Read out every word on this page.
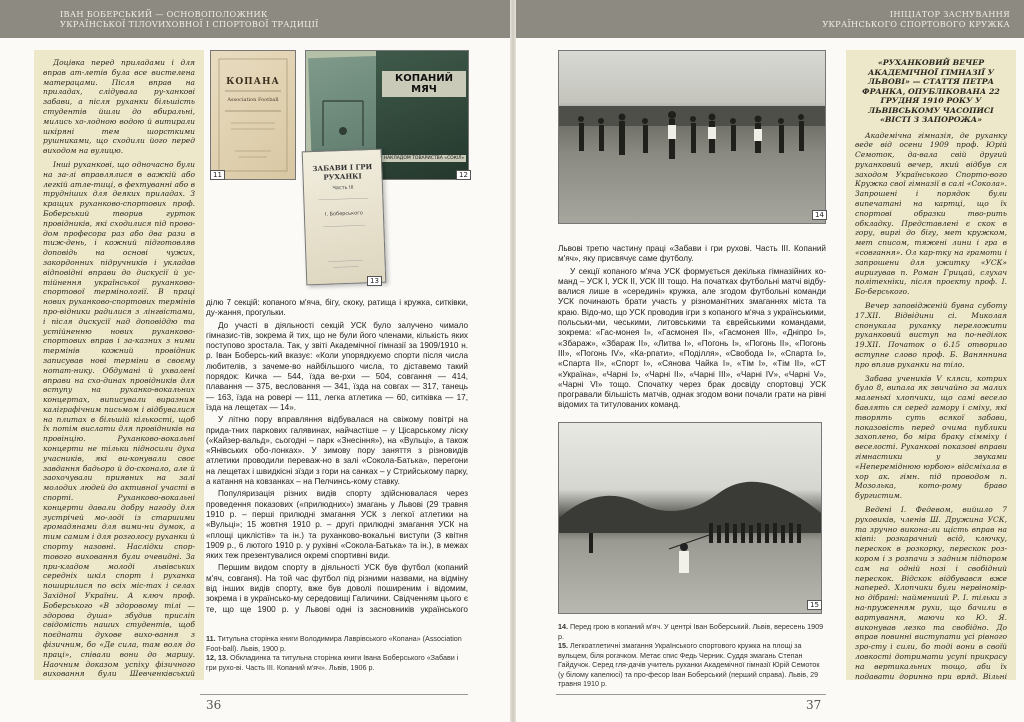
ІВАН БОБЕРСЬКИЙ — ОСНОВОПОЛОЖНИК
УКРАЇНСЬКОЇ ТІЛOVИХОВНОЇ І СПОРТОВОЇ ТРАДИЦІЇ
ІНІЦІАТОР ЗАСНУВАННЯ
УКРАЇНСЬКОГО СПОРТОВОГО КРУЖКА

Доцівка перед приладами і для вправ ат-летів була все вистелена матерацами. Після вправ на приладах, слідувала ру-ханкові забави, а після руханки більшість студентів йшли до вбиральні, мились хо-лодною водою й витирали шкіряні тем шорсткими рушниками, що сходили його перед виходом на вулицю.

Інші руханкові, що одночасно були на за-лі вправлялися в важкій або легкій атле-тиці, в фехтуванні або в трудніших для деяких приладах. З кращих руханково-спортових проф. Боберський творив гурток провідників, які сходилися під прово-дом професора раз або два рази в тиж-день, і кожний підготовляв доповідь на основі чужих, закордонних підручників і укладав відповідні вправи до дискусії й ус-тійнення української руханково-спортової термінології. В праці нових руханково-спортових термінів про-відники радилися з лінгвістами, і після дискусії над доповіддю та устійненню нових руханково-спортових вправ і за-казних з ними термінів кожний провідник записував нові терміни в своєму нотат-нику. Обдумані й ухвалені вправи на схо-динах провідників для вступу на руханко-вокальних концертах, виписували виразним каліграфічним письмом і відбувалися на плитах в більшій кількості, щоб їх потім вислати для провідників на провінцію. Руханково-вокальні концерти не тільки підносили духа учасників, які ви-конували своє завдання бадьоро й до-сконало, але й заохочували приявних на залі молодих людей до активної участі в спорті. Руханково-вокальні концерти давали добру нагоду для зустрічей мо-лоді із старшими громадянами для вими-ни думок, а тим самим і для розголосу руханки й спорту назовні. Наслідки спор-тового виховання були очевидні. За при-кладом молоді львівських середніх шкіл спорт і руханка поширилися по всіх міс-тах і селах Західної України. А ключ проф. Боберського «В здоровому тілі — здорова душа» збудив присліп свідомість наших студентів, щоб поєднати духове вихо-вання з фізичним, бо «Де сила, там воля до праці», співали вони до маршу. Наочним доказом успіху фізичного виховання були Шевченківський

КОПАНА
Association Football
11
КОПАНИЙ МЯЧ
НАКЛАДОМ ТОВАРИСТВА «СОКІЛ»
12
ЗАБАВИ І ГРИ РУХАНКІ
Часть III
І. Боберського
13

ділю 7 секцій: копаного м'яча, бігу, скоку, ратища і кружка, ситківки, ду-жання, прогульки.

До участі в діяльності секцій УСК було залучено чимало гімназис-тів, зокрема й тих, що не були його членами, кількість яких поступово зростала. Так, у звіті Академічної гімназії за 1909/1910 н. р. Іван Боберсь-кий вказує: «Коли упорядкуємо спорти після числа любителів, з зачеме-во найбільшого числа, то діставемо такий порядок: Кичка — 544, їзда ве-рхи — 504, совгання — 414, плавання — 375, весловання — 341, їзда на совгах — 317, танець — 163, їзда на ровері — 111, легка атлетика — 60, ситківка — 17, їзда на лещетах — 14».

У літню пору вправляння відбувалася на свіжому повітрі на прида-тних паркових галявинах, найчастіше – у Цісарському ліску («Кайзер-вальд», сьогодні – парк «Знесіння»), на «Вульці», а також «Янівських обо-лонках». У зимову пору заняття з різновидів атлетики проводили переваж-но в залі «Сокола-Батька», перегони на лещетах і швидкісні зїзди з гори на санках – у Стрийському парку, а катання на ковзанках – на Пелчинсь-кому ставку.

Популяризація різних видів спорту здійснювалася через проведення показових («прилюдних») змагань у Львові (29 травня 1910 р. – перші прилюдні змагання УСК з легкої атлетики на «Вульці»; 15 жовтня 1910 р. – другі прилюдні змагання УСК на «площі циклістів» та ін.) та руханково-вокальні виступи (3 квітня 1909 р., 6 лютого 1910 р. у рухівні «Сокола-Батька» та ін.), в межах яких теж презентувалися окремі спортивні види.

Першим видом спорту в діяльності УСК був футбол (копаний м'яч, совганя). На той час футбол під різними назвами, на відміну від інших видів спорту, вже був доволі поширеним і відомим, зокрема і в українсько-му середовищі Галичини. Свідченням цього є те, що ще 1900 р. у Львові одні із засновників українського

11. Титульна сторінка книги Володимира Лаврівського «Копана» (Association Foot-ball). Львів, 1900 р.
12, 13. Обкладинка та титульна сторінка книги Івана Боберського «Забави і гри рухо-ві. Часть III. Копаний м'яч». Львів, 1906 р.
36
14

Львові третю частину праці «Забави і гри рухові. Часть III. Копаний м'яч», яку присвячує саме футболу.

У секції копаного м'яча УСК формується декілька гімназійних ко-манд – УСК І, УСК ІІ, УСК ІІІ тощо. На початках футбольні матчі відбу-валися лише в «середині» кружка, але згодом футбольні команди УСК починають брати участь у різноманітних змаганнях міста та краю. Відо-мо, що УСК проводив ігри з копаного м'яча з українськими, польськи-ми, чеськими, литовськими та єврейськими командами, зокрема: «Гас-монея І», «Гасмонея ІІ», «Гасмонея ІІІ», «Дніпро І», «Збараж», «Збараж ІІ», «Литва І», «Погонь І», «Погонь ІІ», «Погонь ІІІ», «Погонь IV», «Ка-рпати», «Поділля», «Свобода І», «Спарта І», «Спарта ІІ», «Спорт І», «Сянова Чайка І», «Тім І», «Тім ІІ», «СТ «Україна», «Чарні І», «Чарні ІІ», «Чарні ІІІ», «Чарні IV», «Чарні V», «Чарні VI» тощо. Спочатку через брак досвіду спортовці УСК програвали більшість матчів, однак згодом вони почали грати на рівні відомих та титулованих команд.

15
14. Перед грою в копаний м'яч. У центрі Іван Боберський. Львів, вересень 1909 р.
15. Легкоатлетичні змагання Українського спортового кружка на площі за вульцем, біля рогачком. Метає спис Федь Черник. Суддя змагань Степан Гайдучок. Серед гля-дачів учитель руханки Академічної гімназії Юрій Семоток (у білому капелюсі) та про-фесор Іван Боберський (перший справа). Львів, 29 травня 1910 р.
37
«РУХАНКОВИЙ ВЕЧЕР АКАДЕМІЧНОЇ ГІМНАЗІЇ У ЛЬВОВІ» — СТАТТЯ ПЕТРА ФРАНКА, ОПУБЛІКОВАНА 22 ГРУДНЯ 1910 РОКУ У ЛЬВІВСЬКОМУ ЧАСОПИСІ «ВІСТІ З ЗАПОРОЖА»

Академічна гімназія, де руханку веде від осени 1909 проф. Юрій Семоток, да-вала свій другий руханковий вечер, який відбув ся заходом Українського Спорто-вого Кружка свої гімназії в салі «Сокола». Запрошені і порядок були випечатані на картці, що їх спортові образки тво-рить обкладку. Представлені є скок в гору, виргі до бігу, мет кружком, мет списом, тяжені лини і гра в «совгання». Ол кар-тку на грамоти і запрошени для ужитку «УСК» виригував п. Роман Грицай, слухач політехніки, після проєкту проф. І. Бо-берського.

Вечер заповідженій бувна суботу 17.XII. Відвідини сі. Миколая спонукала руханку переложити руханковий виступ на по-неділок 19.XII. Початок о 6.15 отворило вступне слово проф. Б. Ваняннина про вплив руханки на тіло.

Забава учеників V кляси, котрих було 8, випала як звичайно за малих маленькі хлопчики, що самі весело бавлять ся серед гамору і сміху, які творять суть всякої забави, показовість перед очима публики захоплено, бо міра браку сімміху і веселості. Руханкові показові вправи гімнастики у звуками «Непереміднюю юрбою» відсміхала в хор ак. гімн. під проводом п. Мозолька, кото-рому браво бургистим.

Ведені І. Федевом, вийшло 7 руховиків, членів Ш. Дружина УСК, та зручно викона-ли щість вправ на ківпі: розкарачний всід, ключку, перескок в розкорку, перескок роз-кором і з розпачи з задним підпором сам на одній нозі і свобідний перескок. Відскок відбувався вже наперед. Хлопчики були нервіномір-но дібрані: найменший Р. І. тільки з на-пруженням рухи, що бачили в вартування, маючи ко Ю. Я. виконував лезко та свобідно. До вправ повинні виступати усі рівного зро-сту і сили, бо тоді вони в своїй ловкості дотримати усупі прикрасу на вертикальних тощо, аби їх подавати доринно при вряд. Вільні
